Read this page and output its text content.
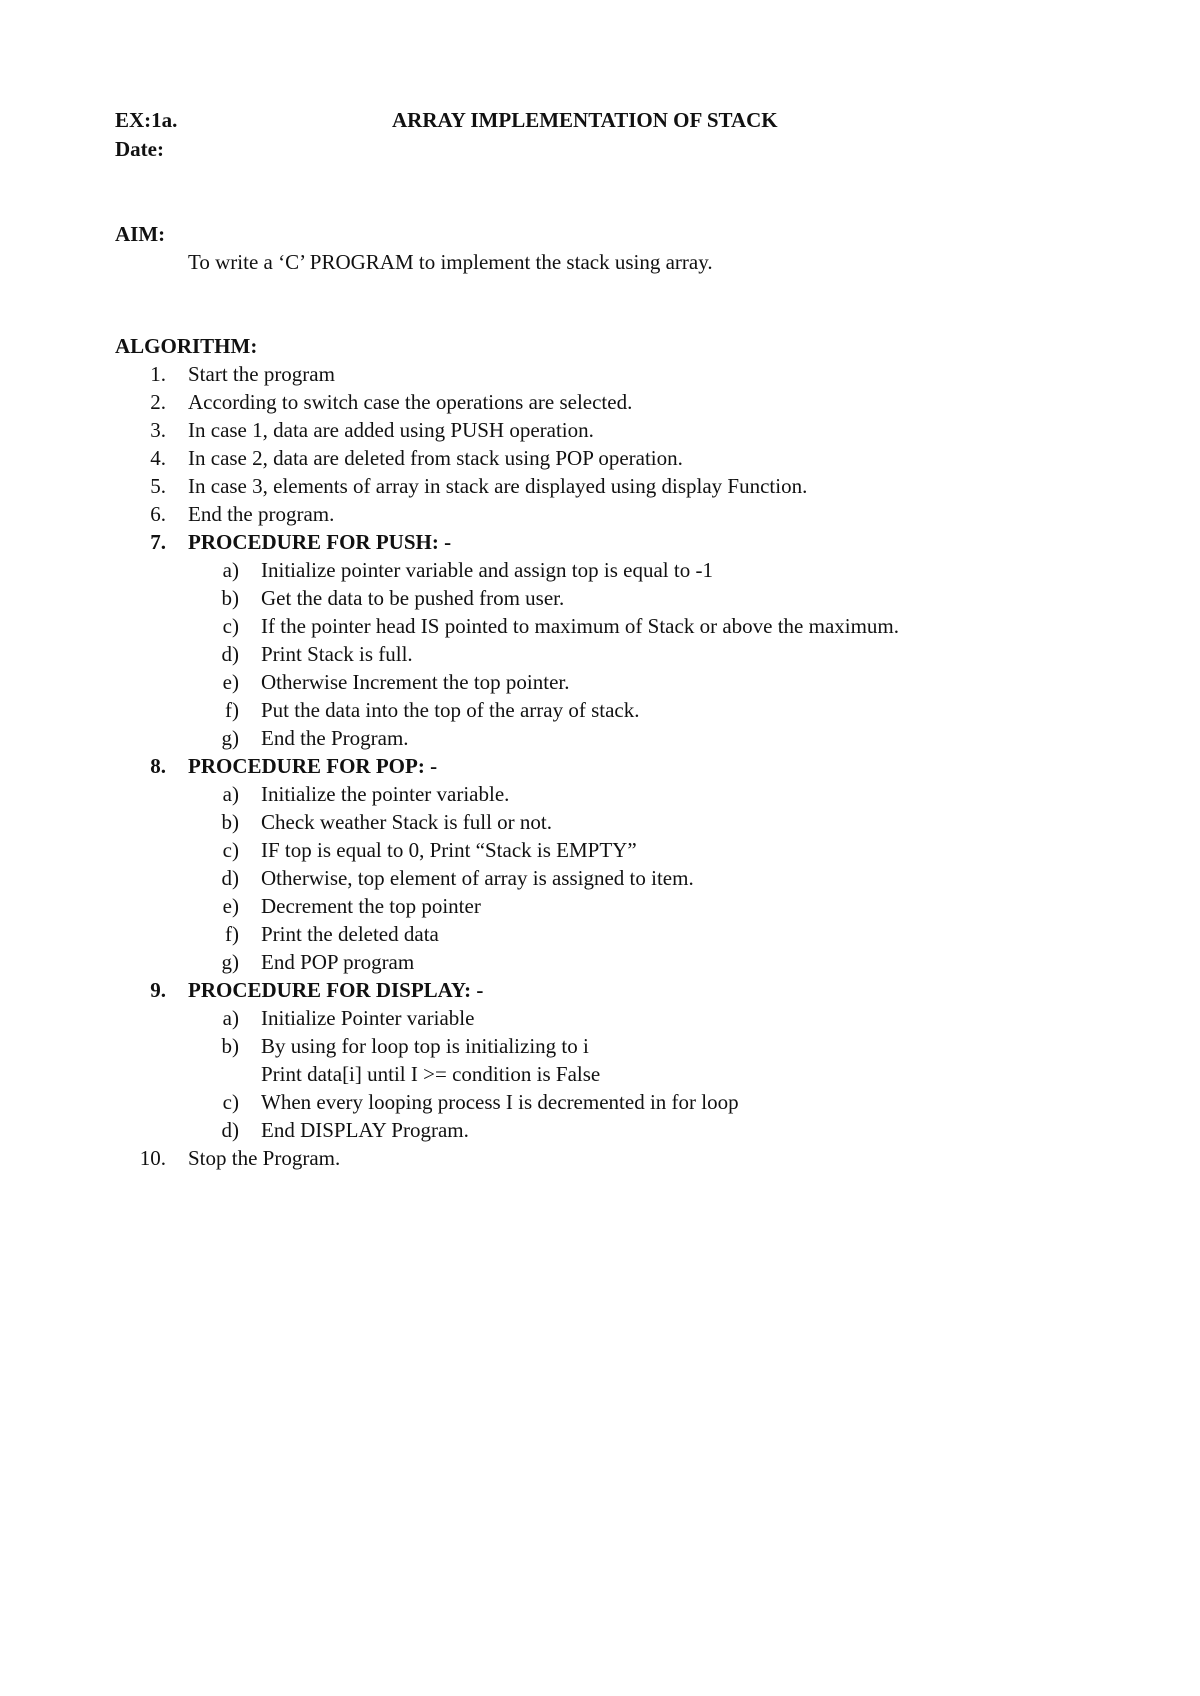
EX:1a.	ARRAY IMPLEMENTATION OF STACK
Date:
AIM:
To write a ‘C’ PROGRAM to implement the stack using array.
ALGORITHM:
1. Start the program
2. According to switch case the operations are selected.
3. In case 1, data are added using PUSH operation.
4. In case 2, data are deleted from stack using POP operation.
5. In case 3, elements of array in stack are displayed using display Function.
6. End the program.
7. PROCEDURE FOR PUSH: -
a) Initialize pointer variable and assign top is equal to -1
b) Get the data to be pushed from user.
c) If the pointer head IS pointed to maximum of Stack or above the maximum.
d) Print Stack is full.
e) Otherwise Increment the top pointer.
f) Put the data into the top of the array of stack.
g) End the Program.
8. PROCEDURE FOR POP: -
a) Initialize the pointer variable.
b) Check weather Stack is full or not.
c) IF top is equal to 0, Print “Stack is EMPTY”
d) Otherwise, top element of array is assigned to item.
e) Decrement the top pointer
f) Print the deleted data
g) End POP program
9. PROCEDURE FOR DISPLAY: -
a) Initialize Pointer variable
b) By using for loop top is initializing to i
Print data[i] until I >= condition is False
c) When every looping process I is decremented in for loop
d) End DISPLAY Program.
10. Stop the Program.
